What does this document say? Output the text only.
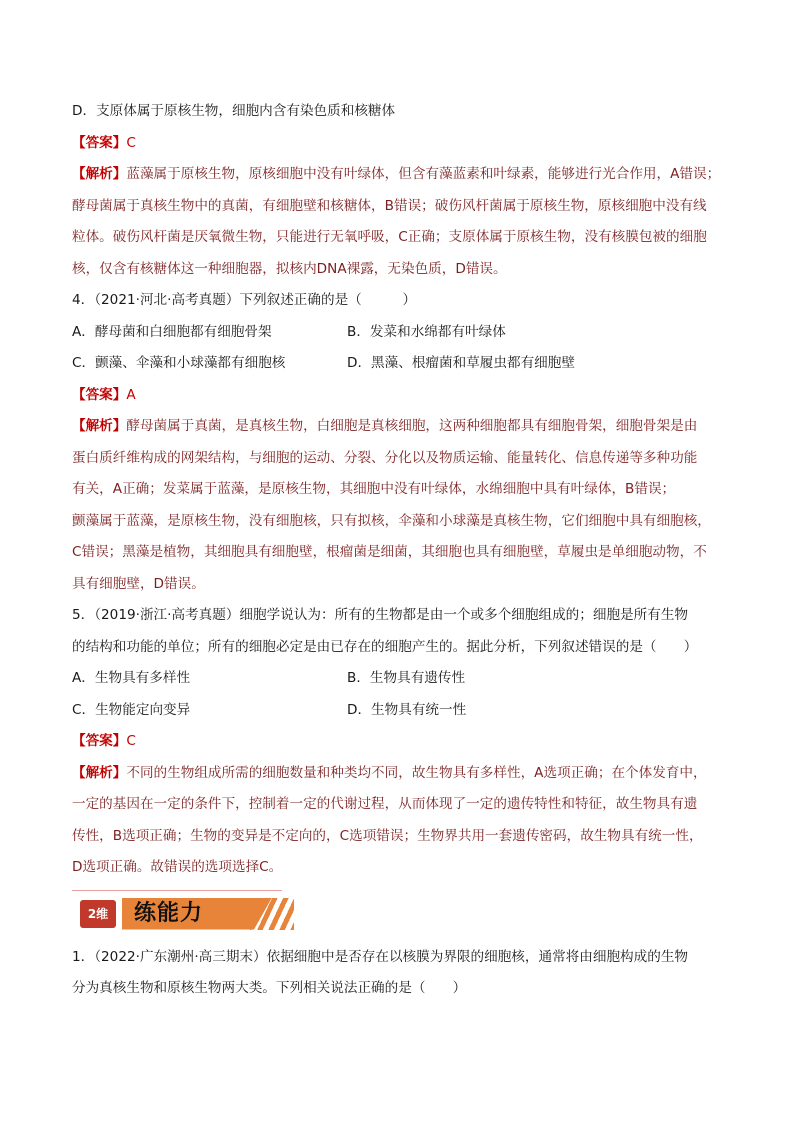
D．支原体属于原核生物，细胞内含有染色质和核糖体
【答案】C
【解析】蓝藻属于原核生物，原核细胞中没有叶绿体，但含有藻蓝素和叶绿素，能够进行光合作用，A错误；
酵母菌属于真核生物中的真菌，有细胞壁和核糖体，B错误；破伤风杆菌属于原核生物，原核细胞中没有线
粒体。破伤风杆菌是厌氧微生物，只能进行无氧呼吸，C正确；支原体属于原核生物，没有核膜包被的细胞
核，仅含有核糖体这一种细胞器，拟核内DNA裸露，无染色质，D错误。
4．（2021·河北·高考真题）下列叙述正确的是（　　　）
A．酵母菌和白细胞都有细胞骨架	B．发菜和水绵都有叶绿体
C．颤藻、伞藻和小球藻都有细胞核	D．黑藻、根瘤菌和草履虫都有细胞壁
【答案】A
【解析】酵母菌属于真菌，是真核生物，白细胞是真核细胞，这两种细胞都具有细胞骨架，细胞骨架是由
蛋白质纤维构成的网架结构，与细胞的运动、分裂、分化以及物质运输、能量转化、信息传递等多种功能
有关，A正确；发菜属于蓝藻，是原核生物，其细胞中没有叶绿体，水绵细胞中具有叶绿体，B错误；
颤藻属于蓝藻，是原核生物，没有细胞核，只有拟核，伞藻和小球藻是真核生物，它们细胞中具有细胞核，
C错误；黑藻是植物，其细胞具有细胞壁，根瘤菌是细菌，其细胞也具有细胞壁，草履虫是单细胞动物，不
具有细胞壁，D错误。
5．（2019·浙江·高考真题）细胞学说认为：所有的生物都是由一个或多个细胞组成的；细胞是所有生物
的结构和功能的单位；所有的细胞必定是由已存在的细胞产生的。据此分析，下列叙述错误的是（　　）
A．生物具有多样性	B．生物具有遗传性
C．生物能定向变异	D．生物具有统一性
【答案】C
【解析】不同的生物组成所需的细胞数量和种类均不同，故生物具有多样性，A选项正确；在个体发育中，
一定的基因在一定的条件下，控制着一定的代谢过程，从而体现了一定的遗传特性和特征，故生物具有遗
传性，B选项正确；生物的变异是不定向的，C选项错误；生物界共用一套遗传密码，故生物具有统一性，
D选项正确。故错误的选项选择C。
2维	练能力
1．（2022·广东潮州·高三期末）依据细胞中是否存在以核膜为界限的细胞核，通常将由细胞构成的生物
分为真核生物和原核生物两大类。下列相关说法正确的是（　　）
